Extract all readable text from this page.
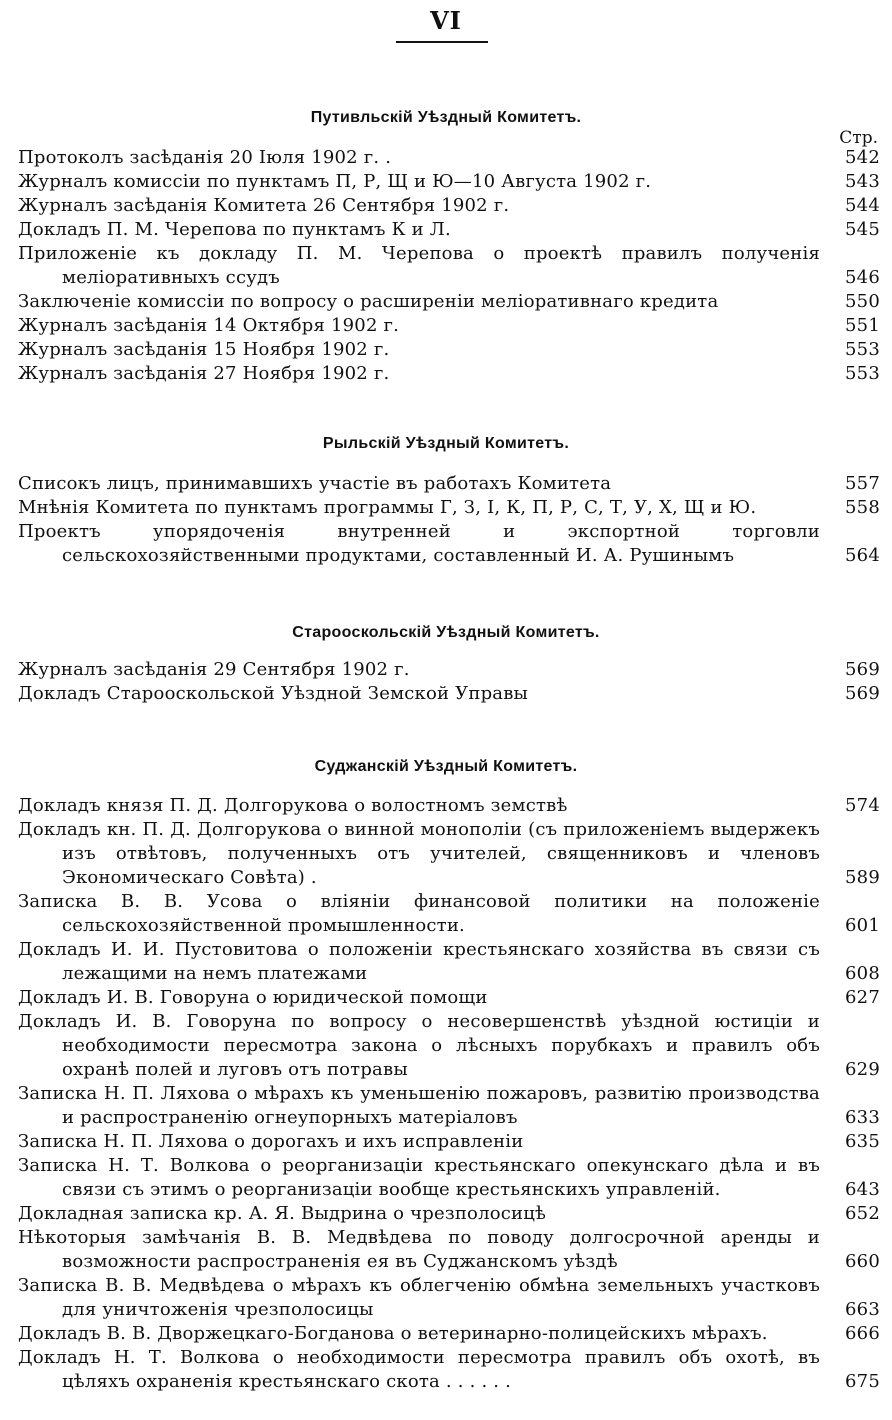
VI
Путивльскій Уѣздный Комитетъ.
Стр.
Протоколъ засѣданія 20 Іюля 1902 г. .	542
Журналъ комиссіи по пунктамъ П, Р, Щ и Ю—10 Августа 1902 г.	543
Журналъ засѣданія Комитета 26 Сентября 1902 г.	544
Докладъ П. М. Черепова по пунктамъ К и Л.	545
Приложеніе къ докладу П. М. Черепова о проектѣ правилъ полученія меліоративныхъ ссудъ	546
Заключеніе комиссіи по вопросу о расширеніи меліоративнаго кредита	550
Журналъ засѣданія 14 Октября 1902 г.	551
Журналъ засѣданія 15 Ноября 1902 г.	553
Журналъ засѣданія 27 Ноября 1902 г.	553
Рыльскій Уѣздный Комитетъ.
Списокъ лицъ, принимавшихъ участіе въ работахъ Комитета	557
Мнѣнія Комитета по пунктамъ программы Г, З, І, К, П, Р, С, Т, У, Х, Щ и Ю.	558
Проектъ упорядоченія внутренней и экспортной торговли сельскохозяйственными продуктами, составленный И. А. Рушинымъ	564
Старооскольскій Уѣздный Комитетъ.
Журналъ засѣданія 29 Сентября 1902 г.	569
Докладъ Старооскольской Уѣздной Земской Управы	569
Суджанскій Уѣздный Комитетъ.
Докладъ князя П. Д. Долгорукова о волостномъ земствѣ	574
Докладъ кн. П. Д. Долгорукова о винной монополіи (съ приложеніемъ выдержекъ изъ отвѣтовъ, полученныхъ отъ учителей, священниковъ и членовъ Экономическаго Совѣта) .	589
Записка В. В. Усова о вліяніи финансовой политики на положеніе сельскохозяйственной промышленности.	601
Докладъ И. И. Пустовитова о положеніи крестьянскаго хозяйства въ связи съ лежащими на немъ платежами	608
Докладъ И. В. Говоруна о юридической помощи	627
Докладъ И. В. Говоруна по вопросу о несовершенствѣ уѣздной юстиціи и необходимости пересмотра закона о лѣсныхъ порубкахъ и правилъ объ охранѣ полей и луговъ отъ потравы	629
Записка Н. П. Ляхова о мѣрахъ къ уменьшенію пожаровъ, развитію производства и распространенію огнеупорныхъ матеріаловъ	633
Записка Н. П. Ляхова о дорогахъ и ихъ исправленіи	635
Записка Н. Т. Волкова о реорганизаціи крестьянскаго опекунскаго дѣла и въ связи съ этимъ о реорганизаціи вообще крестьянскихъ управленій.	643
Докладная записка кр. А. Я. Выдрина о чрезполосицѣ	652
Нѣкоторыя замѣчанія В. В. Медвѣдева по поводу долгосрочной аренды и возможности распространенія ея въ Суджанскомъ уѣздѣ	660
Записка В. В. Медвѣдева о мѣрахъ къ облегченію обмѣна земельныхъ участковъ для уничтоженія чрезполосицы	663
Докладъ В. В. Дворжецкаго-Богданова о ветеринарно-полицейскихъ мѣрахъ.	666
Докладъ Н. Т. Волкова о необходимости пересмотра правилъ объ охотѣ, въ цѣляхъ охраненія крестьянскаго скота . . . . . .	675
